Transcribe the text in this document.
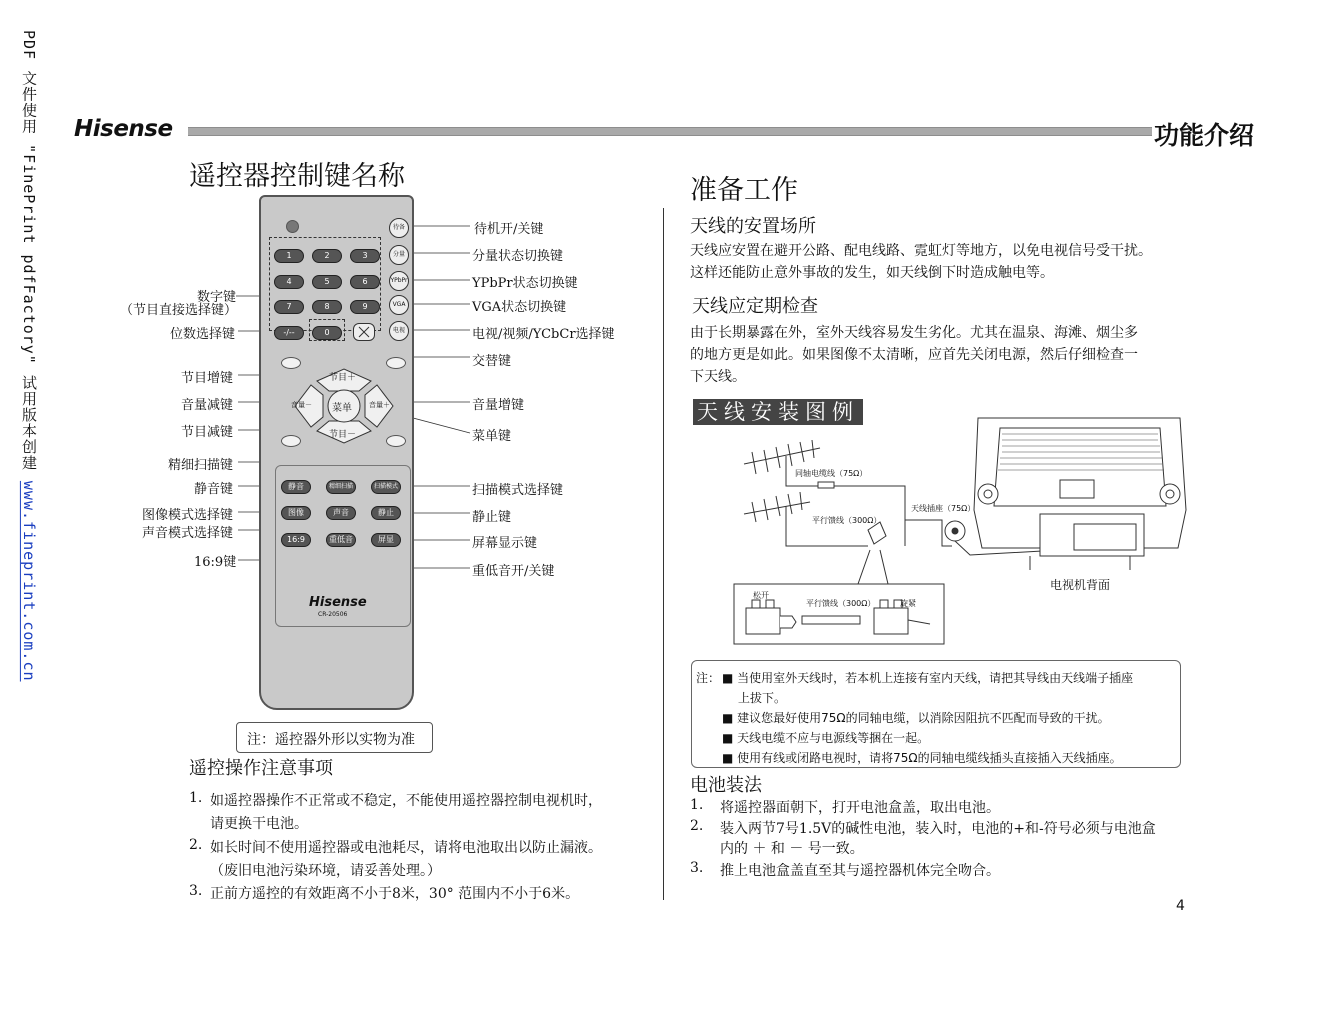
PDF 文件使用 "FinePrint pdfFactory" 试用版本创建 www.fineprint.com.cn
Hisense	功能介绍
遥控器控制键名称
待备
1	2	3
4	5	6
7	8	9
-/--	0
分量
YPbPr
VGA
电视
节目＋
节目－
音量－	音量＋
菜单
静音	精细扫描	扫描模式
图像	声音	静止
16:9	重低音	屏显
Hisense
CR-20506
数字键
（节目直接选择键）
位数选择键
节目增键
音量减键
节目减键
精细扫描键
静音键
图像模式选择键
声音模式选择键
16:9键
待机开/关键
分量状态切换键
YPbPr状态切换键
VGA状态切换键
电视/视频/YCbCr选择键
交替键
音量增键
菜单键
扫描模式选择键
静止键
屏幕显示键
重低音开/关键
注：遥控器外形以实物为准
遥控操作注意事项
1. 如遥控器操作不正常或不稳定，不能使用遥控器控制电视机时，
请更换干电池。
2. 如长时间不使用遥控器或电池耗尽，请将电池取出以防止漏液。
（废旧电池污染环境，请妥善处理。）
3. 正前方遥控的有效距离不小于8米，30° 范围内不小于6米。
准备工作
天线的安置场所
天线应安置在避开公路、配电线路、霓虹灯等地方，以免电视信号受干扰。
这样还能防止意外事故的发生，如天线倒下时造成触电等。
天线应定期检查
由于长期暴露在外，室外天线容易发生劣化。尤其在温泉、海滩、烟尘多
的地方更是如此。如果图像不太清晰，应首先关闭电源，然后仔细检查一
下天线。
天线安装图例
同轴电缆线（75Ω）
平行馈线（300Ω）
天线插座（75Ω）
电视机背面
松开
平行馈线（300Ω）	旋紧
注： ■ 当使用室外天线时，若本机上连接有室内天线，请把其导线由天线端子插座
上拔下。
■ 建议您最好使用75Ω的同轴电缆，以消除因阻抗不匹配而导致的干扰。
■ 天线电缆不应与电源线等捆在一起。
■ 使用有线或闭路电视时，请将75Ω的同轴电缆线插头直接插入天线插座。
电池装法
1. 将遥控器面朝下，打开电池盒盖，取出电池。
2. 装入两节7号1.5V的碱性电池，装入时，电池的+和-符号必须与电池盒
内的 ＋ 和 － 号一致。
3. 推上电池盒盖直至其与遥控器机体完全吻合。
4
